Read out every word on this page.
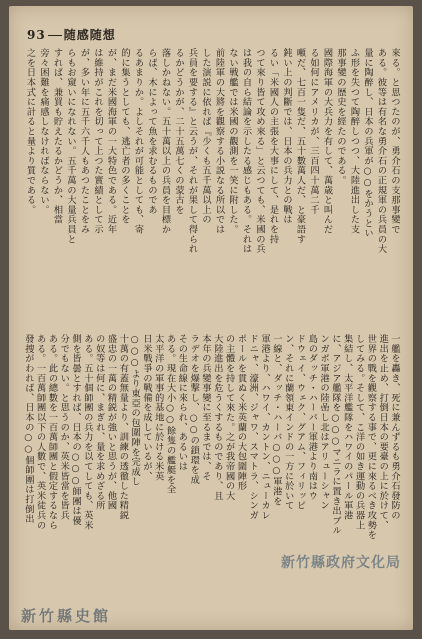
93 随感随想
來る。と思つたのが、勇介石の支那事變で
ある。彼等は有名な勇介石の正規軍の兵員の大
量に陶醉し、日本の兵軍が○○をかうとい
ふ形を失つて陶醉しつつ、大陸進出した支
那事變の歴史を經たのである。
國際海軍の大兵力を有して、萬歳と叫んだ
る如何にアメリカが、三百四十萬二千
噸だ、七百一隻だ、五十數萬人だ、と豪語す
鈍い上の判斷では、日本の兵力との戰は
るい「米國人の主張を大事にして、是れを持
つて來り皆て攻め來る」と云つても、米國の兵
は我の自ら結論を示したる感じもある。それは
ない戦艦では米國の觀測を一笑に附した。
前陸軍の大將を觀察する小説なる所以では
した演説に依れば『少くも五千萬以上の
兵員を要する』と云うが、それが果して得られ
るかどうかが、二十五萬七くの蒙古を
落しかねない。五十萬以上の兵員を目標か
らば、木によって魚を求むるものであ
るあまりか。よしそれが可能としても、寄
的に集うとしても、逃亡者の多くことを
が、まだ米國海軍の一大特色である。近年
は維持がこれを切って上つた實績として示
が、多い年に五千六千人もあつたことをみ
らもお窺いになれない。五千萬の大量兵員と
すれば、兼買も貯えたるかどうか、相當
旁々困難を痛感しなければならない。
之を日本式に計ると量より質である。
一艦を轟き、死に兼んずるも勇介石發防の
進出を止め、打倒日本の要臺の上に於けて、
世界の戰を觀察する事で、更に來るべき攻勢を
してみる。そして、こ洋の如き運動の兵器上
集結し、太平洋艦隊をハワイのパール軍港
に、アジア艦隊を○○○マニラに置き出ブル
ンガポ軍港の陸嵒し北はアリューシャン
島のダッチ・ハーバー軍港より南はウ
ドウェイ、ウェク、グアム、フィリッピ
ン、それに蘭領東インドの一方に於いて
一線と、ダッチ・ハーバ○○○軍港を
軍港より、ハワイ、カントン、ニューカレ
ドニャ、濠洲、ジャワ、スマトラ、シンガ
ポールを貫ぬく米英蘭の大包圍陣形
の主體を持して來た。之が我帝國の大
大陸進出を危うくするものであり、且
本年の兵變事變に至るまでは、そ
ラデオを爆撃し、○○の鎖環を成
その生命線に來られ、あるいは
ある。現在大小○○餘隻の艦艇を全
太平洋の軍事的基地に於ける米英
日米戰爭の戰備を成しているが、
○○○より東亞の包圍陣を完成し
十萬の有蓋無量より、訓練の透徹した精鋭
盛忠の一萬の精鋭が強いと思うが、他國
の奴等は何に、まぎれ、量を求めざる所
ある。五十個師團の兵力を以てしても、英米
側を皆曇とすれば、日本の○○○師團は優
分でもない。と思うのか、英米皆當を皆兵
ある。此の總數を一百萬師團と假定するなら
ある。一百萬師團以下の人數で、英米徒兵の
發捜がわれば、日本の○○個師團は打倒出
新竹縣政府文化局
新竹縣史館
